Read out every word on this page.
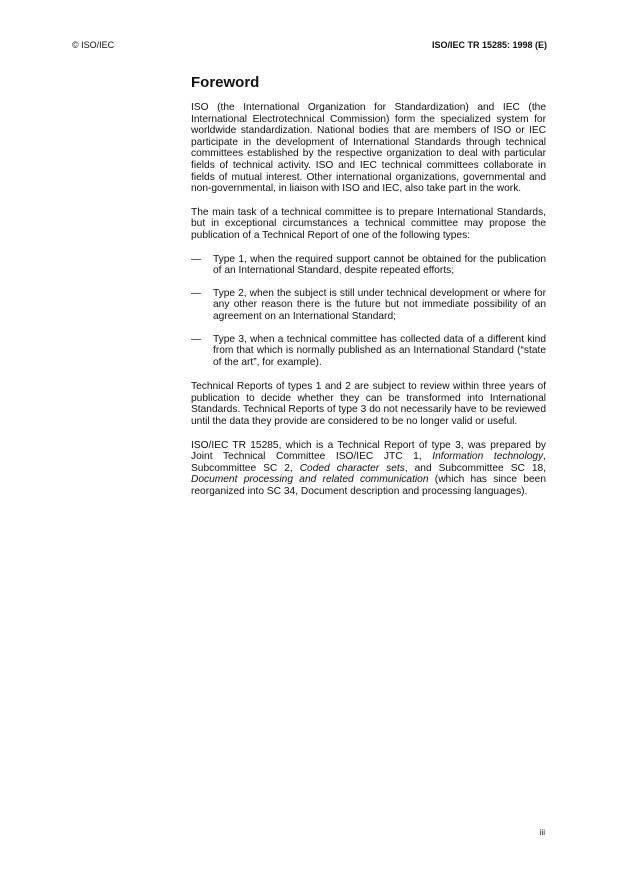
© ISO/IEC	ISO/IEC TR 15285: 1998 (E)
Foreword

ISO (the International Organization for Standardization) and IEC (the International Electrotechnical Commission) form the specialized system for worldwide standardization. National bodies that are members of ISO or IEC participate in the development of International Standards through technical committees established by the respective organization to deal with particular fields of technical activity. ISO and IEC technical committees collaborate in fields of mutual interest. Other international organizations, governmental and non-governmental, in liaison with ISO and IEC, also take part in the work.

The main task of a technical committee is to prepare International Standards, but in exceptional circumstances a technical committee may propose the publication of a Technical Report of one of the following types:

—	Type 1, when the required support cannot be obtained for the publication of an International Standard, despite repeated efforts;
—	Type 2, when the subject is still under technical development or where for any other reason there is the future but not immediate possibility of an agreement on an International Standard;
—	Type 3, when a technical committee has collected data of a different kind from that which is normally published as an International Standard (“state of the art”, for example).

Technical Reports of types 1 and 2 are subject to review within three years of publication to decide whether they can be transformed into International Standards. Technical Reports of type 3 do not necessarily have to be reviewed until the data they provide are considered to be no longer valid or useful.

ISO/IEC TR 15285, which is a Technical Report of type 3, was prepared by Joint Technical Committee ISO/IEC JTC 1, Information technology, Subcommittee SC 2, Coded character sets, and Subcommittee SC 18, Document processing and related communication (which has since been reorganized into SC 34, Document description and processing languages).

iii
